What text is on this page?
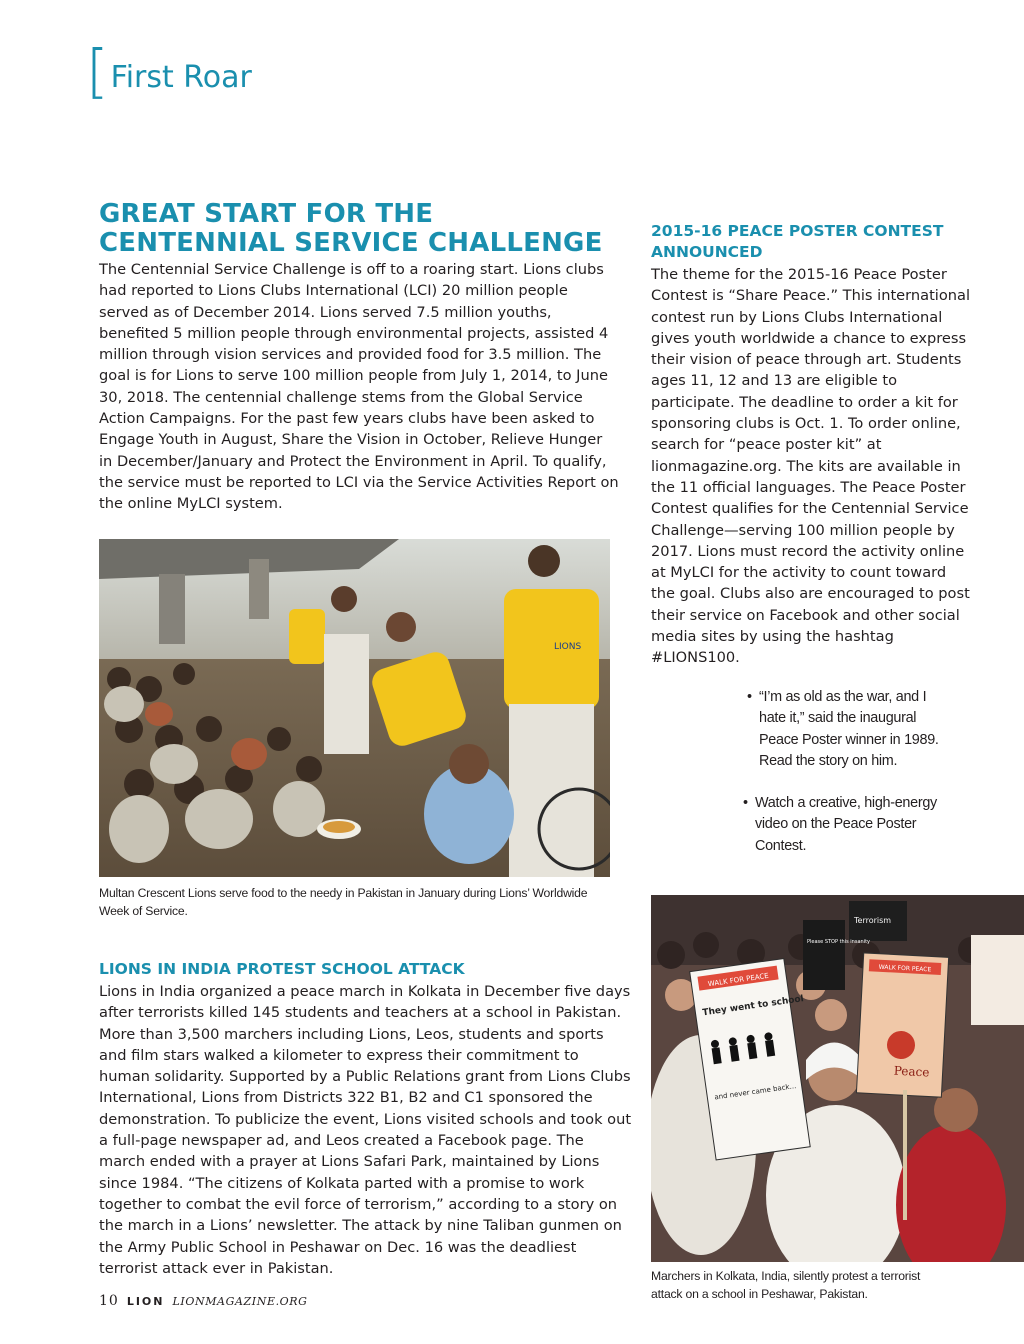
[ First Roar
GREAT START FOR THE CENTENNIAL SERVICE CHALLENGE
The Centennial Service Challenge is off to a roaring start. Lions clubs had reported to Lions Clubs International (LCI) 20 million people served as of December 2014. Lions served 7.5 million youths, benefited 5 million people through environmental projects, assisted 4 million through vision services and provided food for 3.5 million. The goal is for Lions to serve 100 million people from July 1, 2014, to June 30, 2018. The centennial challenge stems from the Global Service Action Campaigns. For the past few years clubs have been asked to Engage Youth in August, Share the Vision in October, Relieve Hunger in December/January and Protect the Environment in April. To qualify, the service must be reported to LCI via the Service Activities Report on the online MyLCI system.
LIONS
Multan Crescent Lions serve food to the needy in Pakistan in January during Lions’ Worldwide Week of Service.
LIONS IN INDIA PROTEST SCHOOL ATTACK
Lions in India organized a peace march in Kolkata in December five days after terrorists killed 145 students and teachers at a school in Pakistan. More than 3,500 marchers including Lions, Leos, students and sports and film stars walked a kilometer to express their commitment to human solidarity. Supported by a Public Relations grant from Lions Clubs International, Lions from Districts 322 B1, B2 and C1 sponsored the demonstration. To publicize the event, Lions visited schools and took out a full-page newspaper ad, and Leos created a Facebook page. The march ended with a prayer at Lions Safari Park, maintained by Lions since 1984. “The citizens of Kolkata parted with a promise to work together to combat the evil force of terrorism,” according to a story on the march in a Lions’ newsletter. The attack by nine Taliban gunmen on the Army Public School in Peshawar on Dec. 16 was the deadliest terrorist attack ever in Pakistan.
2015-16 PEACE POSTER CONTEST ANNOUNCED
The theme for the 2015-16 Peace Poster Contest is “Share Peace.” This international contest run by Lions Clubs International gives youth worldwide a chance to express their vision of peace through art. Students ages 11, 12 and 13 are eligible to participate. The deadline to order a kit for sponsoring clubs is Oct. 1. To order online, search for “peace poster kit” at lionmagazine.org. The kits are available in the 11 official languages. The Peace Poster Contest qualifies for the Centennial Service Challenge—serving 100 million people by 2017. Lions must record the activity online at MyLCI for the activity to count toward the goal. Clubs also are encouraged to post their service on Facebook and other social media sites by using the hashtag #LIONS100.
• “I’m as old as the war, and I hate it,” said the inaugural Peace Poster winner in 1989. Read the story on him.
• Watch a creative, high-energy video on the Peace Poster Contest.
WALK FOR PEACE
They went to school
and never came back...
WALK FOR PEACE
Peace
Terrorism
Please STOP this insanity
Marchers in Kolkata, India, silently protest a terrorist attack on a school in Peshawar, Pakistan.
10 LION LIONMAGAZINE.ORG
